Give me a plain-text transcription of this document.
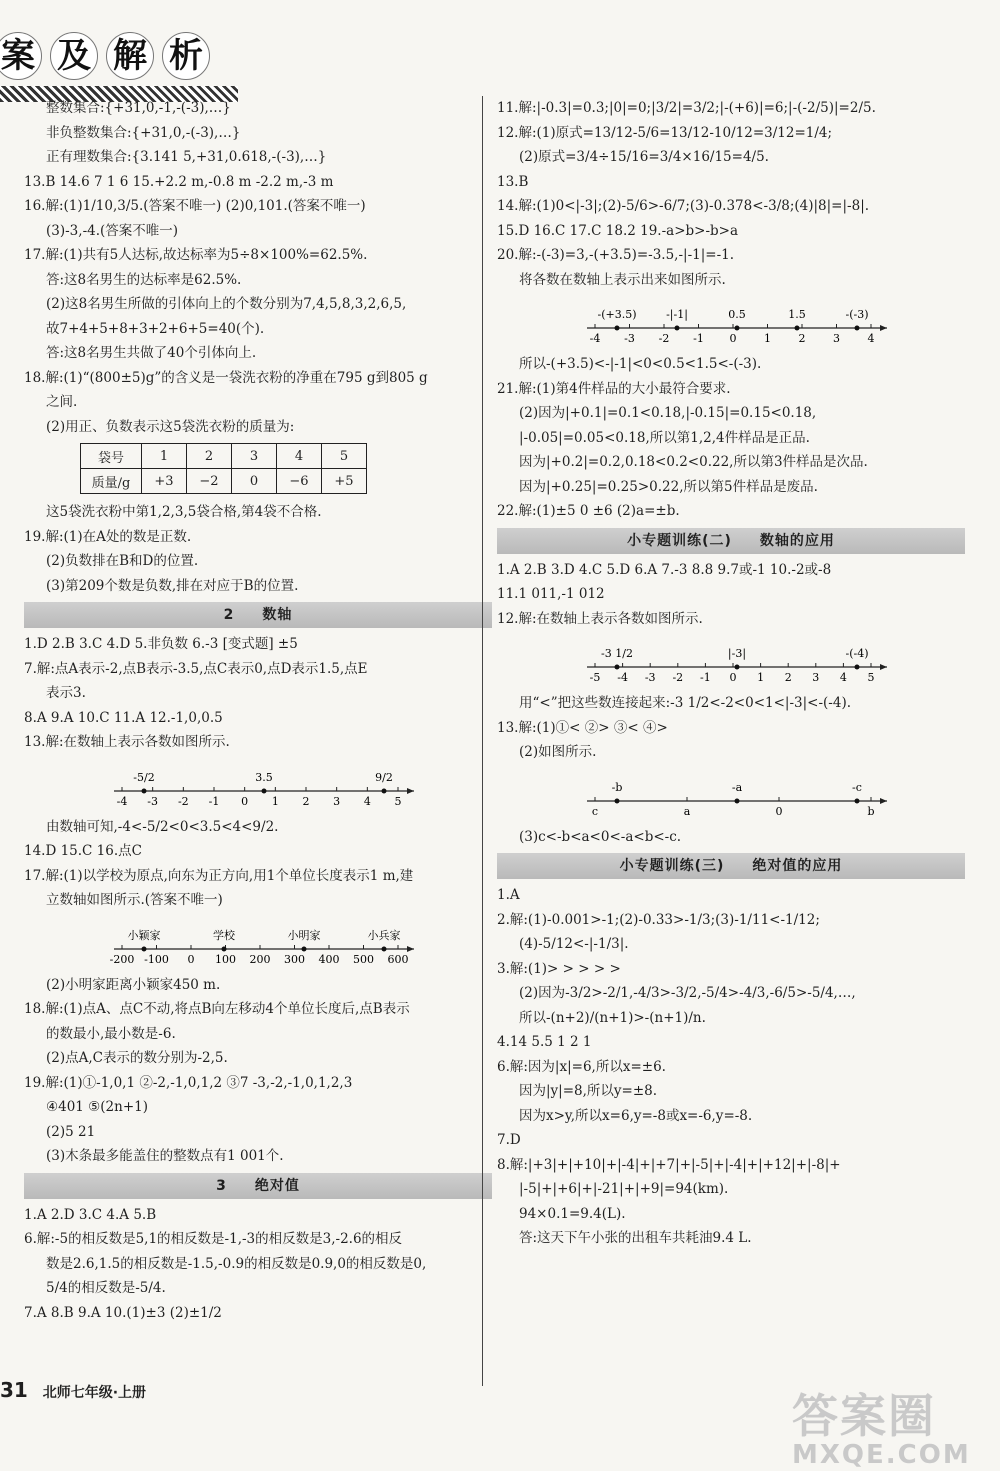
案 及 解 析
整数集合:{+31,0,-1,-(-3),…}
非负整数集合:{+31,0,-(-3),…}
正有理数集合:{3.141 5,+31,0.618,-(-3),…}
13.B 14.6 7 1 6 15.+2.2 m,-0.8 m -2.2 m,-3 m
16.解:(1)1/10,3/5.(答案不唯一) (2)0,101.(答案不唯一)
(3)-3,-4.(答案不唯一)
17.解:(1)共有5人达标,故达标率为5÷8×100%=62.5%.
答:这8名男生的达标率是62.5%.
(2)这8名男生所做的引体向上的个数分别为7,4,5,8,3,2,6,5,
故7+4+5+8+3+2+6+5=40(个).
答:这8名男生共做了40个引体向上.
18.解:(1)“(800±5)g”的含义是一袋洗衣粉的净重在795 g到805 g
之间.
(2)用正、负数表示这5袋洗衣粉的质量为:
袋号	1	2	3	4	5
质量/g	+3	−2	0	−6	+5
这5袋洗衣粉中第1,2,3,5袋合格,第4袋不合格.
19.解:(1)在A处的数是正数.
(2)负数排在B和D的位置.
(3)第209个数是负数,排在对应于B的位置.
2 数轴
1.D 2.B 3.C 4.D 5.非负数 6.-3 [变式题] ±5
7.解:点A表示-2,点B表示-3.5,点C表示0,点D表示1.5,点E
表示3.
8.A 9.A 10.C 11.A 12.-1,0,0.5
13.解:在数轴上表示各数如图所示.
-4 -3 -2 -1 0 1 2 3 4 5
-5/2	3.5	9/2
由数轴可知,-4<-5/2<0<3.5<4<9/2.
14.D 15.C 16.点C
17.解:(1)以学校为原点,向东为正方向,用1个单位长度表示1 m,建
立数轴如图所示.(答案不唯一)
-200 -100 0 100 200 300 400 500 600
小颖家	学校	小明家	小兵家
(2)小明家距离小颖家450 m.
18.解:(1)点A、点C不动,将点B向左移动4个单位长度后,点B表示
的数最小,最小数是-6.
(2)点A,C表示的数分别为-2,5.
19.解:(1)①-1,0,1 ②-2,-1,0,1,2 ③7 -3,-2,-1,0,1,2,3
④401 ⑤(2n+1)
(2)5 21
(3)木条最多能盖住的整数点有1 001个.
3 绝对值
1.A 2.D 3.C 4.A 5.B
6.解:-5的相反数是5,1的相反数是-1,-3的相反数是3,-2.6的相反
数是2.6,1.5的相反数是-1.5,-0.9的相反数是0.9,0的相反数是0,
5/4的相反数是-5/4.
7.A 8.B 9.A 10.(1)±3 (2)±1/2
11.解:|-0.3|=0.3;|0|=0;|3/2|=3/2;|-(+6)|=6;|-(-2/5)|=2/5.
12.解:(1)原式=13/12-5/6=13/12-10/12=3/12=1/4;
(2)原式=3/4÷15/16=3/4×16/15=4/5.
13.B
14.解:(1)0<|-3|;(2)-5/6>-6/7;(3)-0.378<-3/8;(4)|8|=|-8|.
15.D 16.C 17.C 18.2 19.-a>b>-b>a
20.解:-(-3)=3,-(+3.5)=-3.5,-|-1|=-1.
将各数在数轴上表示出来如图所示.
-4 -3 -2 -1 0	1	2	3	4
-(+3.5)	-|-1|	0.5	1.5	-(-3)
所以-(+3.5)<-|-1|<0<0.5<1.5<-(-3).
21.解:(1)第4件样品的大小最符合要求.
(2)因为|+0.1|=0.1<0.18,|-0.15|=0.15<0.18,
|-0.05|=0.05<0.18,所以第1,2,4件样品是正品.
因为|+0.2|=0.2,0.18<0.2<0.22,所以第3件样品是次品.
因为|+0.25|=0.25>0.22,所以第5件样品是废品.
22.解:(1)±5 0 ±6 (2)a=±b.
小专题训练(二) 数轴的应用
1.A 2.B 3.D 4.C 5.D 6.A 7.-3 8.8 9.7或-1 10.-2或-8
11.1 011,-1 012
12.解:在数轴上表示各数如图所示.
-5 -4 -3 -2 -1 0 1 2 3 4 5
-3 1/2	|-3|	-(-4)
用“<”把这些数连接起来:-3 1/2<-2<0<1<|-3|<-(-4).
13.解:(1)①< ②> ③< ④>
(2)如图所示.
c	a	0	b
-b	-a	-c
(3)c<-b<a<0<-a<b<-c.
小专题训练(三) 绝对值的应用
1.A
2.解:(1)-0.001>-1;(2)-0.33>-1/3;(3)-1/11<-1/12;
(4)-5/12<-|-1/3|.
3.解:(1)> > > > >
(2)因为-3/2>-2/1,-4/3>-3/2,-5/4>-4/3,-6/5>-5/4,…,
所以-(n+2)/(n+1)>-(n+1)/n.
4.14 5.5 1 2 1
6.解:因为|x|=6,所以x=±6.
因为|y|=8,所以y=±8.
因为x>y,所以x=6,y=-8或x=-6,y=-8.
7.D
8.解:|+3|+|+10|+|-4|+|+7|+|-5|+|-4|+|+12|+|-8|+
|-5|+|+6|+|-21|+|+9|=94(km).
94×0.1=9.4(L).
答:这天下午小张的出租车共耗油9.4 L.
31 北师七年级·上册	答案圈
MXQE.COM
